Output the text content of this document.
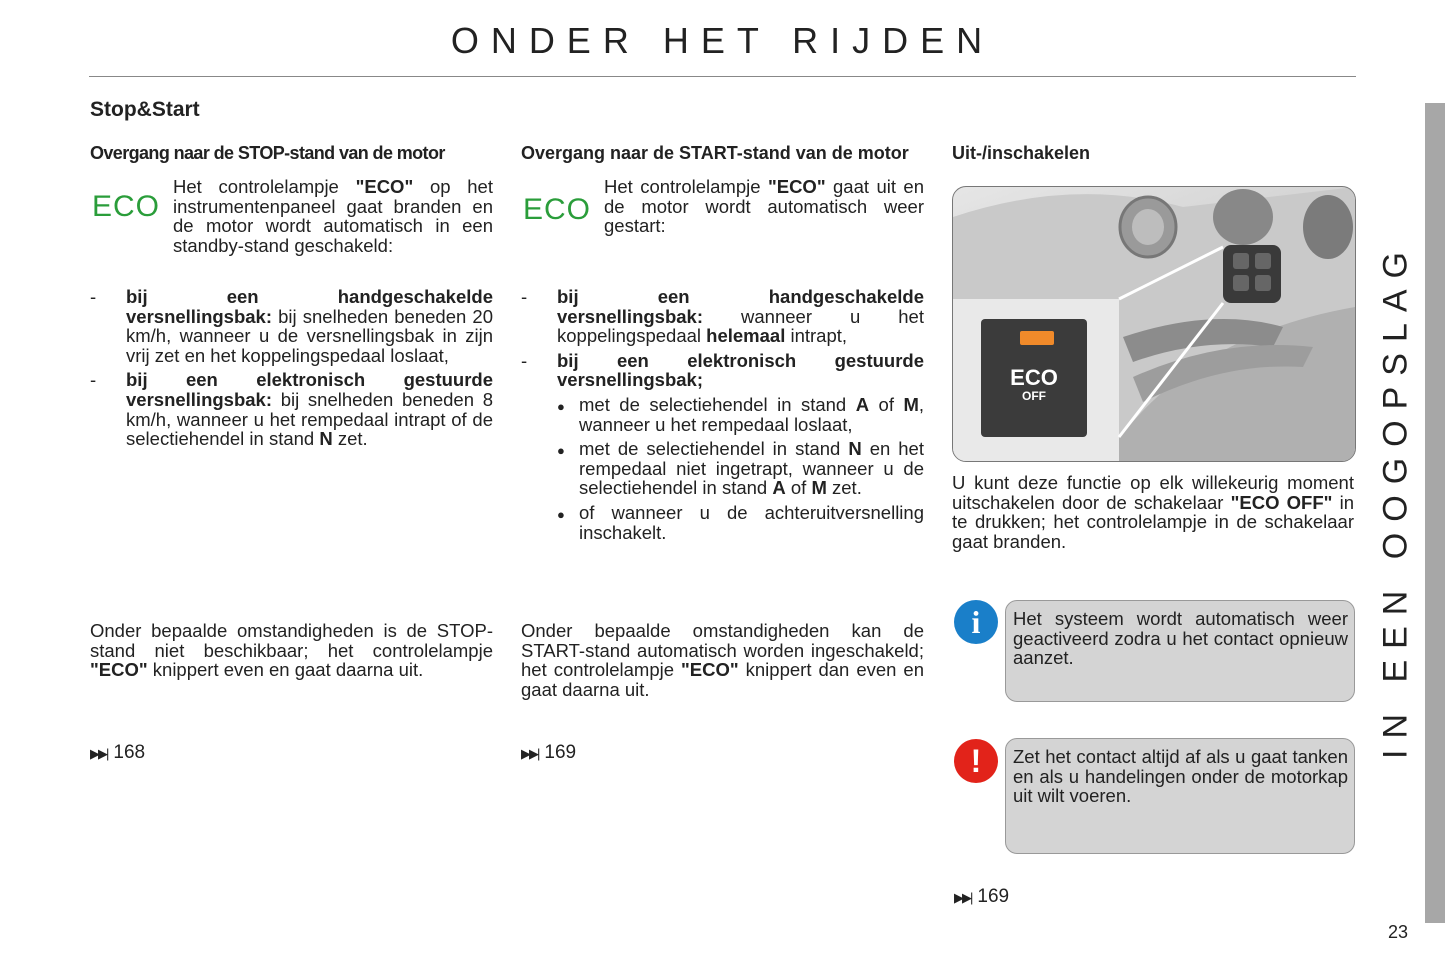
ONDER HET RIJDEN
Stop&Start
Overgang naar de STOP-stand van de motor
ECO
Het controlelampje "ECO" op het instrumentenpaneel gaat branden en de motor wordt automatisch in een standby-stand geschakeld:
-	bij een handgeschakelde versnellingsbak: bij snelheden beneden 20 km/h, wanneer u de versnellingsbak in zijn vrij zet en het koppelingspedaal loslaat,
-	bij een elektronisch gestuurde versnellingsbak: bij snelheden beneden 8 km/h, wanneer u het rempedaal intrapt of de selectiehendel in stand N zet.
Onder bepaalde omstandigheden is de STOP-stand niet beschikbaar; het controlelampje "ECO" knippert even en gaat daarna uit.
▶▶| 168
Overgang naar de START-stand van de motor
ECO
Het controlelampje "ECO" gaat uit en de motor wordt automatisch weer gestart:
-	bij een handgeschakelde versnellingsbak: wanneer u het koppelingspedaal helemaal intrapt,
-	bij een elektronisch gestuurde versnellingsbak;
● met de selectiehendel in stand A of M, wanneer u het rempedaal loslaat,
● met de selectiehendel in stand N en het rempedaal niet ingetrapt, wanneer u de selectiehendel in stand A of M zet.
● of wanneer u de achteruitversnelling inschakelt.
Onder bepaalde omstandigheden kan de START-stand automatisch worden ingeschakeld; het controlelampje "ECO" knippert dan even en gaat daarna uit.
▶▶| 169
Uit-/inschakelen
ECO
OFF
U kunt deze functie op elk willekeurig moment uitschakelen door de schakelaar "ECO OFF" in te drukken; het controlelampje in de schakelaar gaat branden.
i	Het systeem wordt automatisch weer geactiveerd zodra u het contact opnieuw aanzet.
!	Zet het contact altijd af als u gaat tanken en als u handelingen onder de motorkap uit wilt voeren.
▶▶| 169
IN EEN OOGOPSLAG
23
